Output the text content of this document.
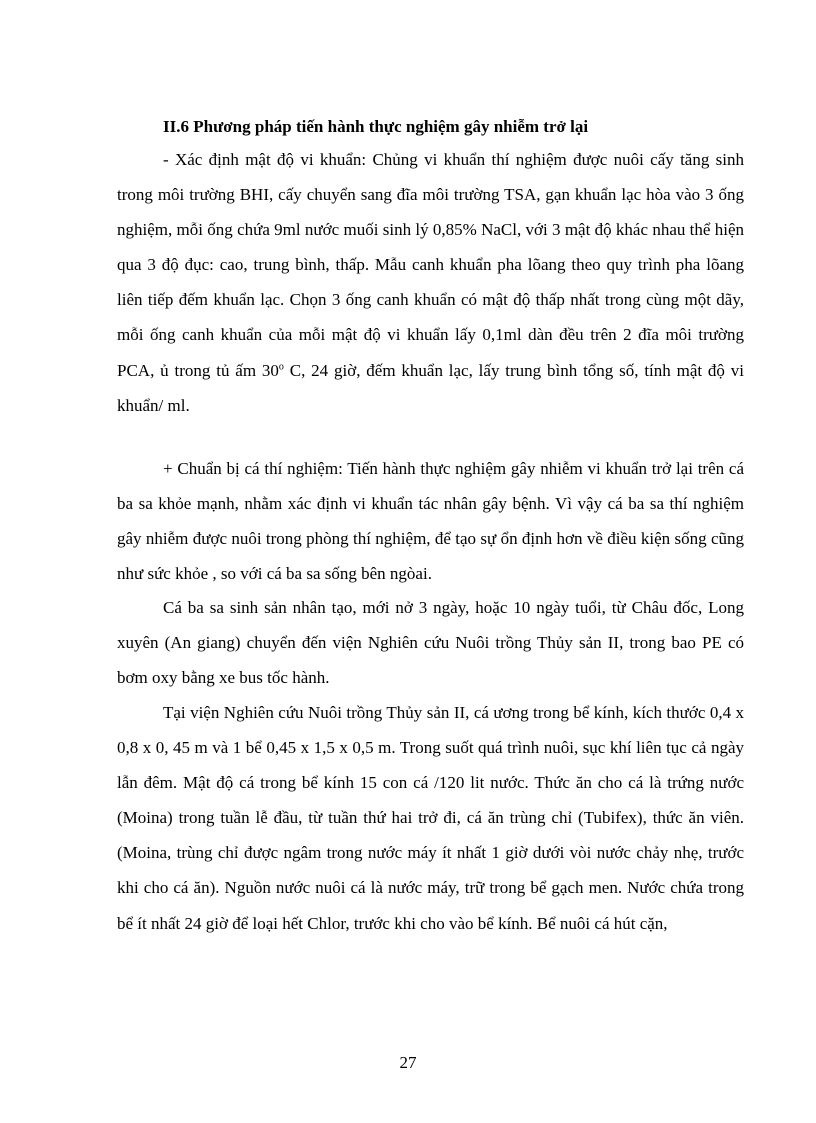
II.6 Phương pháp tiến hành thực nghiệm gây nhiễm trở lại

- Xác định mật độ vi khuẩn: Chủng vi khuẩn thí nghiệm được nuôi cấy tăng sinh trong môi trường BHI, cấy chuyển sang đĩa môi trường TSA, gạn khuẩn lạc hòa vào 3 ống nghiệm, mỗi ống chứa 9ml nước muối sinh lý 0,85% NaCl, với 3 mật độ khác nhau thể hiện qua 3 độ đục: cao, trung bình, thấp. Mẫu canh khuẩn pha lõang theo quy trình pha lõang liên tiếp đếm khuẩn lạc. Chọn 3 ống canh khuẩn có mật độ thấp nhất trong cùng một dãy, mỗi ống canh khuẩn của mỗi mật độ vi khuẩn lấy 0,1ml dàn đều trên 2 đĩa môi trường PCA, ủ trong tủ ấm 30$^o$ C, 24 giờ, đếm khuẩn lạc, lấy trung bình tổng số, tính mật độ vi khuẩn/ ml.

+ Chuẩn bị cá thí nghiệm: Tiến hành thực nghiệm gây nhiễm vi khuẩn trở lại trên cá ba sa khỏe mạnh, nhằm xác định vi khuẩn tác nhân gây bệnh. Vì vậy cá ba sa thí nghiệm gây nhiễm được nuôi trong phòng thí nghiệm, để tạo sự ổn định hơn về điều kiện sống cũng như sức khỏe , so với cá ba sa sống bên ngòai.

Cá ba sa sinh sản nhân tạo, mới nở 3 ngày, hoặc 10 ngày tuổi, từ Châu đốc, Long xuyên (An giang) chuyển đến viện Nghiên cứu Nuôi trồng Thủy sản II, trong bao PE có bơm oxy bằng xe bus tốc hành.

Tại viện Nghiên cứu Nuôi trồng Thủy sản II, cá ương trong bể kính, kích thước 0,4 x 0,8 x 0, 45 m và 1 bể 0,45 x 1,5 x 0,5 m. Trong suốt quá trình nuôi, sục khí liên tục cả ngày lẫn đêm. Mật độ cá trong bể kính 15 con cá /120 lit nước. Thức ăn cho cá là trứng nước (Moina) trong tuần lễ đầu, từ tuần thứ hai trở đi, cá ăn trùng chỉ (Tubifex), thức ăn viên. (Moina, trùng chỉ được ngâm trong nước máy ít nhất 1 giờ dưới vòi nước chảy nhẹ, trước khi cho cá ăn). Nguồn nước nuôi cá là nước máy, trữ trong bể gạch men. Nước chứa trong bể ít nhất 24 giờ để loại hết Chlor, trước khi cho vào bể kính. Bể nuôi cá hút cặn,

27
